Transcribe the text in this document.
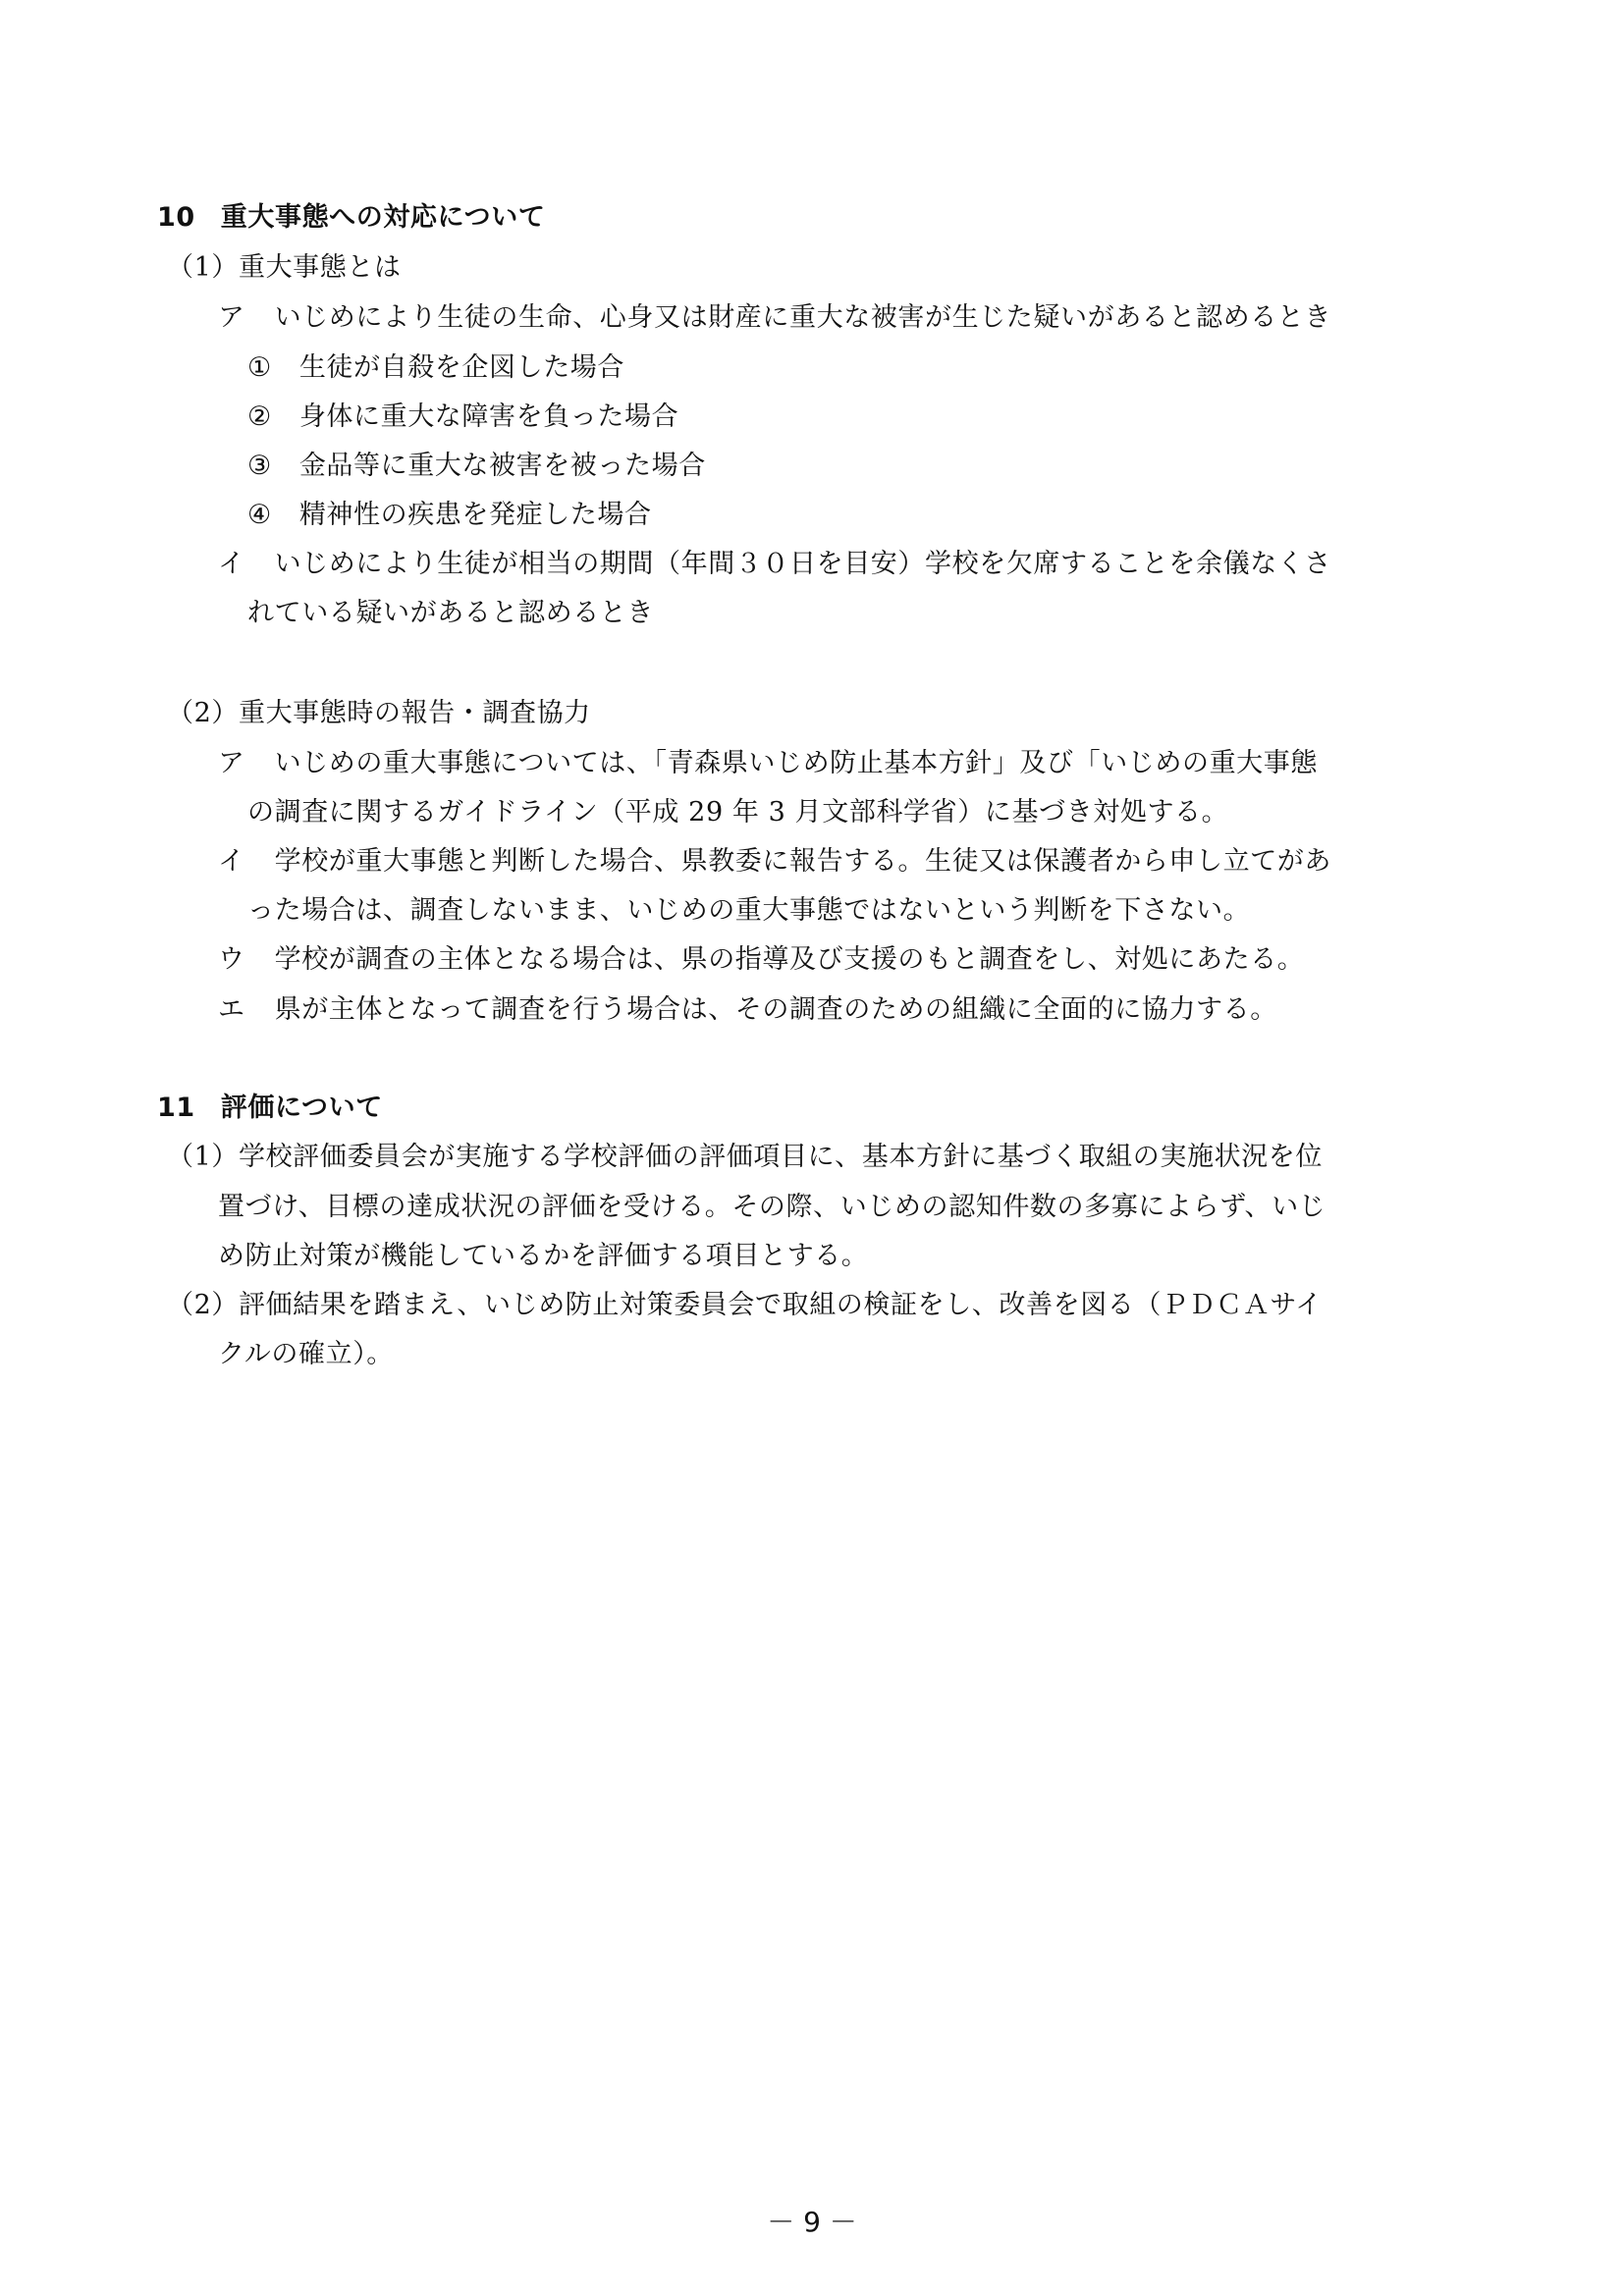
10 重大事態への対応について
（1）重大事態とは
ア いじめにより生徒の生命、心身又は財産に重大な被害が生じた疑いがあると認めるとき
① 生徒が自殺を企図した場合
② 身体に重大な障害を負った場合
③ 金品等に重大な被害を被った場合
④ 精神性の疾患を発症した場合
イ いじめにより生徒が相当の期間（年間３０日を目安）学校を欠席することを余儀なくさ
れている疑いがあると認めるとき
（2）重大事態時の報告・調査協力
ア いじめの重大事態については、「青森県いじめ防止基本方針」及び「いじめの重大事態
の調査に関するガイドライン（平成 29 年 3 月文部科学省）に基づき対処する。
イ 学校が重大事態と判断した場合、県教委に報告する。生徒又は保護者から申し立てがあ
った場合は、調査しないまま、いじめの重大事態ではないという判断を下さない。
ウ 学校が調査の主体となる場合は、県の指導及び支援のもと調査をし、対処にあたる。
エ 県が主体となって調査を行う場合は、その調査のための組織に全面的に協力する。
11 評価について
（1）学校評価委員会が実施する学校評価の評価項目に、基本方針に基づく取組の実施状況を位
置づけ、目標の達成状況の評価を受ける。その際、いじめの認知件数の多寡によらず、いじ
め防止対策が機能しているかを評価する項目とする。
（2）評価結果を踏まえ、いじめ防止対策委員会で取組の検証をし、改善を図る（ＰＤＣＡサイ
クルの確立）。
－ 9 －
